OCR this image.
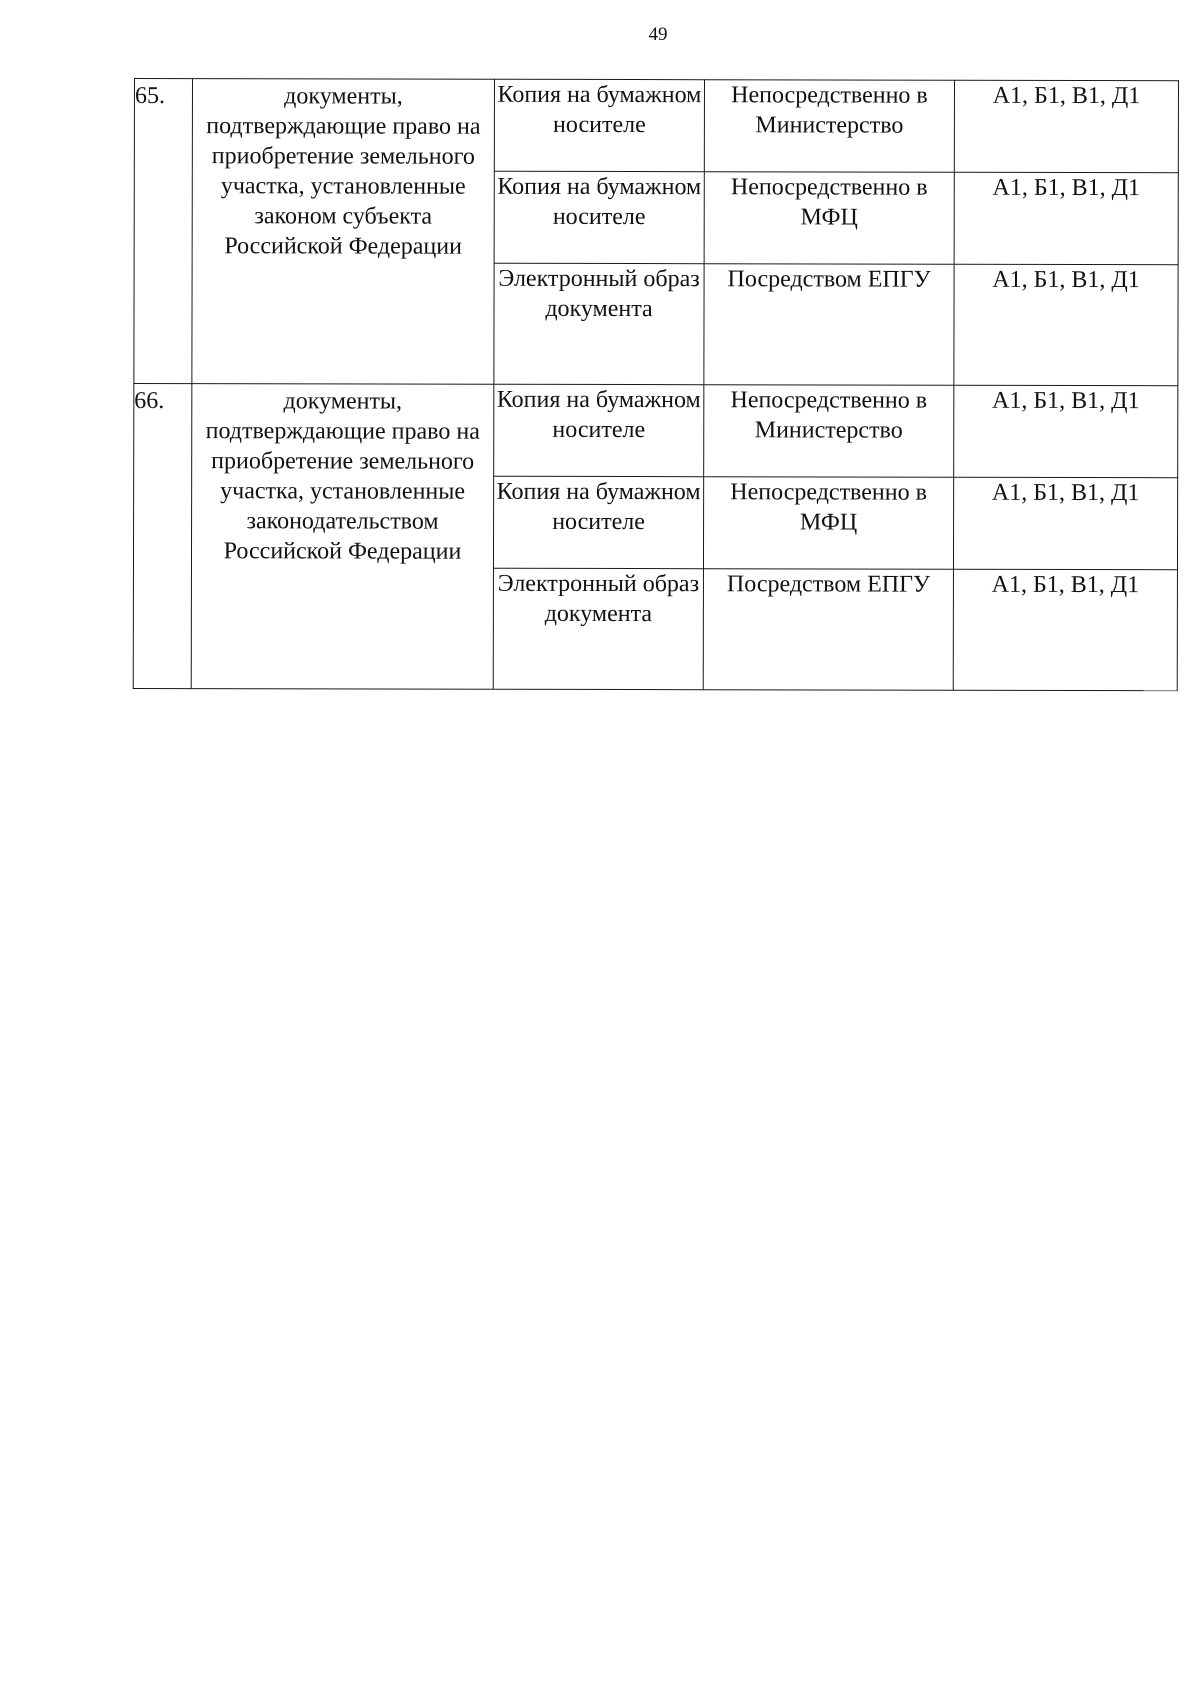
49
65.	документы, подтверждающие право на приобретение земельного участка, установленные законом субъекта Российской Федерации	Копия на бумажном носителе	Непосредственно в Министерство	А1, Б1, В1, Д1
		Копия на бумажном носителе	Непосредственно в МФЦ	А1, Б1, В1, Д1
		Электронный образ документа	Посредством ЕПГУ	А1, Б1, В1, Д1
66.	документы, подтверждающие право на приобретение земельного участка, установленные законодательством Российской Федерации	Копия на бумажном носителе	Непосредственно в Министерство	А1, Б1, В1, Д1
		Копия на бумажном носителе	Непосредственно в МФЦ	А1, Б1, В1, Д1
		Электронный образ документа	Посредством ЕПГУ	А1, Б1, В1, Д1
